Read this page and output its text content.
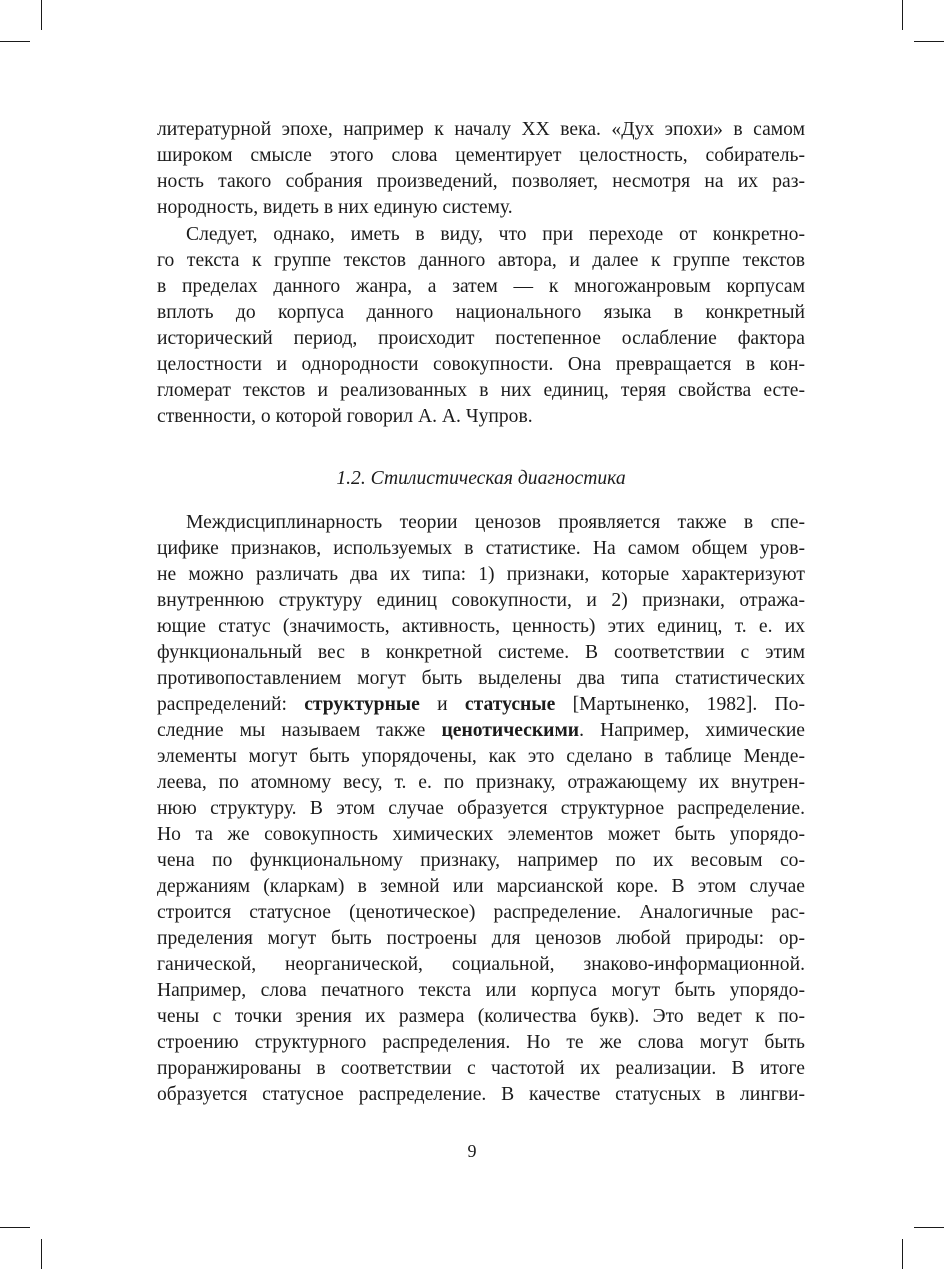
литературной эпохе, например к началу ХХ века. «Дух эпохи» в самом
широком смысле этого слова цементирует целостность, собиратель-
ность такого собрания произведений, позволяет, несмотря на их раз-
нородность, видеть в них единую систему.
Следует, однако, иметь в виду, что при переходе от конкретно-
го текста к группе текстов данного автора, и далее к группе текстов
в пределах данного жанра, а затем — к многожанровым корпусам
вплоть до корпуса данного национального языка в конкретный
исторический период, происходит постепенное ослабление фактора
целостности и однородности совокупности. Она превращается в кон-
гломерат текстов и реализованных в них единиц, теряя свойства есте-
ственности, о которой говорил А. А. Чупров.
1.2. Стилистическая диагностика
Междисциплинарность теории ценозов проявляется также в спе-
цифике признаков, используемых в статистике. На самом общем уров-
не можно различать два их типа: 1) признаки, которые характеризуют
внутреннюю структуру единиц совокупности, и 2) признаки, отража-
ющие статус (значимость, активность, ценность) этих единиц, т. е. их
функциональный вес в конкретной системе. В соответствии с этим
противопоставлением могут быть выделены два типа статистических
распределений: структурные и статусные [Мартыненко, 1982]. По-
следние мы называем также ценотическими. Например, химические
элементы могут быть упорядочены, как это сделано в таблице Менде-
леева, по атомному весу, т. е. по признаку, отражающему их внутрен-
нюю структуру. В этом случае образуется структурное распределение.
Но та же совокупность химических элементов может быть упорядо-
чена по функциональному признаку, например по их весовым со-
держаниям (кларкам) в земной или марсианской коре. В этом случае
строится статусное (ценотическое) распределение. Аналогичные рас-
пределения могут быть построены для ценозов любой природы: ор-
ганической, неорганической, социальной, знаково-информационной.
Например, слова печатного текста или корпуса могут быть упорядо-
чены с точки зрения их размера (количества букв). Это ведет к по-
строению структурного распределения. Но те же слова могут быть
проранжированы в соответствии с частотой их реализации. В итоге
образуется статусное распределение. В качестве статусных в лингви-
9
